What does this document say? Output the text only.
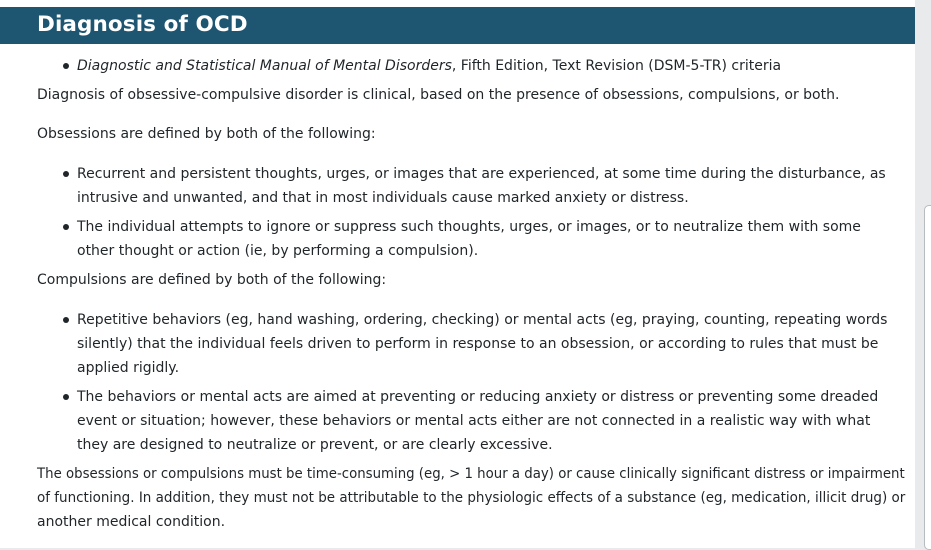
Diagnosis of OCD
Diagnostic and Statistical Manual of Mental Disorders, Fifth Edition, Text Revision (DSM-5-TR) criteria
Diagnosis of obsessive-compulsive disorder is clinical, based on the presence of obsessions, compulsions, or both.
Obsessions are defined by both of the following:
Recurrent and persistent thoughts, urges, or images that are experienced, at some time during the disturbance, as
intrusive and unwanted, and that in most individuals cause marked anxiety or distress.
The individual attempts to ignore or suppress such thoughts, urges, or images, or to neutralize them with some
other thought or action (ie, by performing a compulsion).
Compulsions are defined by both of the following:
Repetitive behaviors (eg, hand washing, ordering, checking) or mental acts (eg, praying, counting, repeating words
silently) that the individual feels driven to perform in response to an obsession, or according to rules that must be
applied rigidly.
The behaviors or mental acts are aimed at preventing or reducing anxiety or distress or preventing some dreaded
event or situation; however, these behaviors or mental acts either are not connected in a realistic way with what
they are designed to neutralize or prevent, or are clearly excessive.
The obsessions or compulsions must be time-consuming (eg, > 1 hour a day) or cause clinically significant distress or impairment
of functioning. In addition, they must not be attributable to the physiologic effects of a substance (eg, medication, illicit drug) or
another medical condition.
